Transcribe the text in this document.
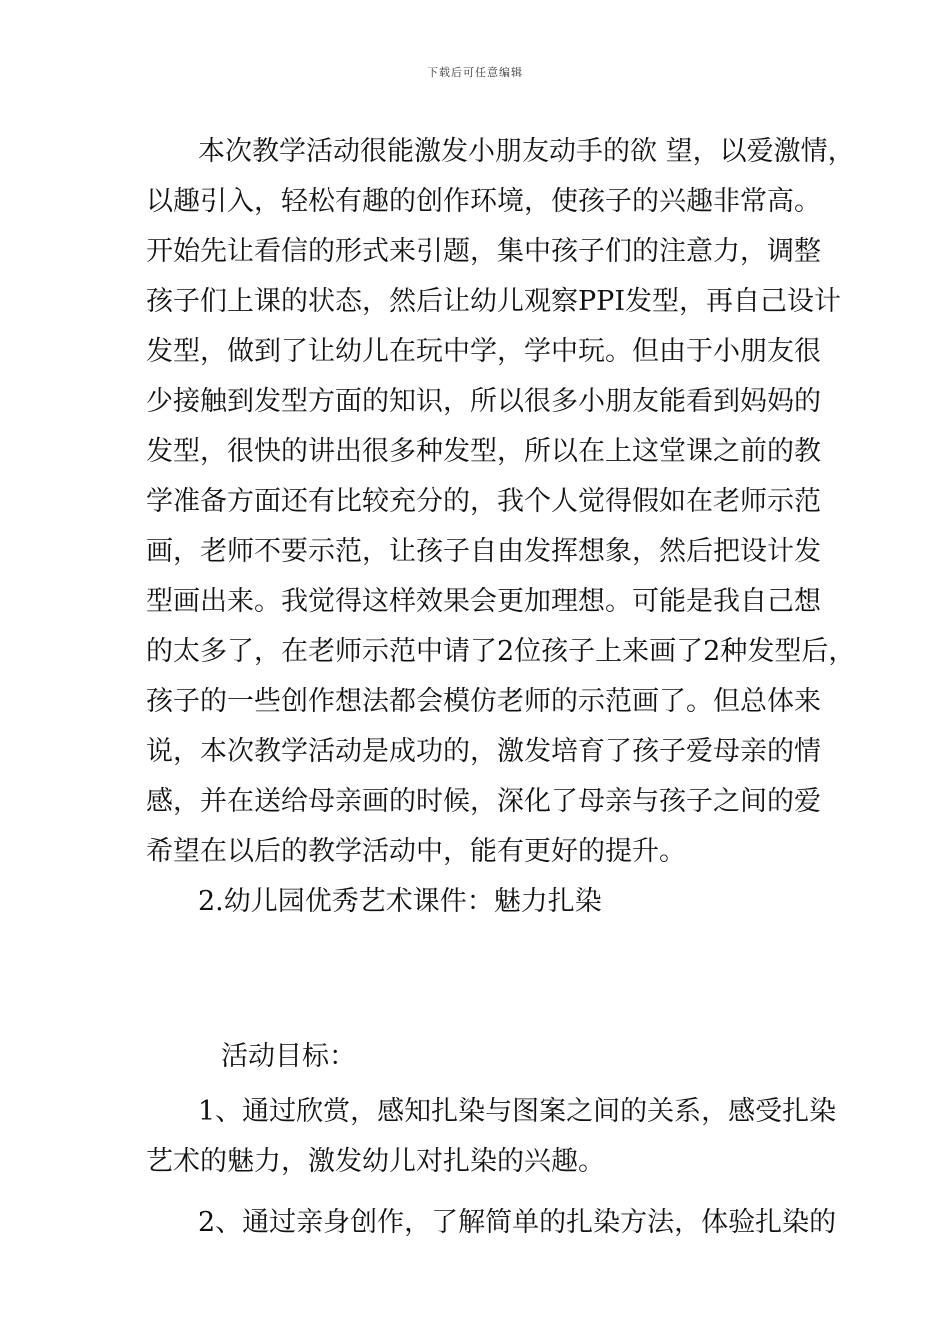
下载后可任意编辑
本次教学活动很能激发小朋友动手的欲 望，以爱激情，
以趣引入，轻松有趣的创作环境，使孩子的兴趣非常高。
开始先让看信的形式来引题，集中孩子们的注意力，调整
孩子们上课的状态，然后让幼儿观察PPI发型，再自己设计
发型，做到了让幼儿在玩中学，学中玩。但由于小朋友很
少接触到发型方面的知识，所以很多小朋友能看到妈妈的
发型，很快的讲出很多种发型，所以在上这堂课之前的教
学准备方面还有比较充分的，我个人觉得假如在老师示范
画，老师不要示范，让孩子自由发挥想象，然后把设计发
型画出来。我觉得这样效果会更加理想。可能是我自己想
的太多了，在老师示范中请了2位孩子上来画了2种发型后，
孩子的一些创作想法都会模仿老师的示范画了。但总体来
说，本次教学活动是成功的，激发培育了孩子爱母亲的情
感，并在送给母亲画的时候，深化了母亲与孩子之间的爱
希望在以后的教学活动中，能有更好的提升。
2.幼儿园优秀艺术课件：魅力扎染
活动目标：
1、通过欣赏，感知扎染与图案之间的关系，感受扎染
艺术的魅力，激发幼儿对扎染的兴趣。
2、通过亲身创作，了解简单的扎染方法，体验扎染的
